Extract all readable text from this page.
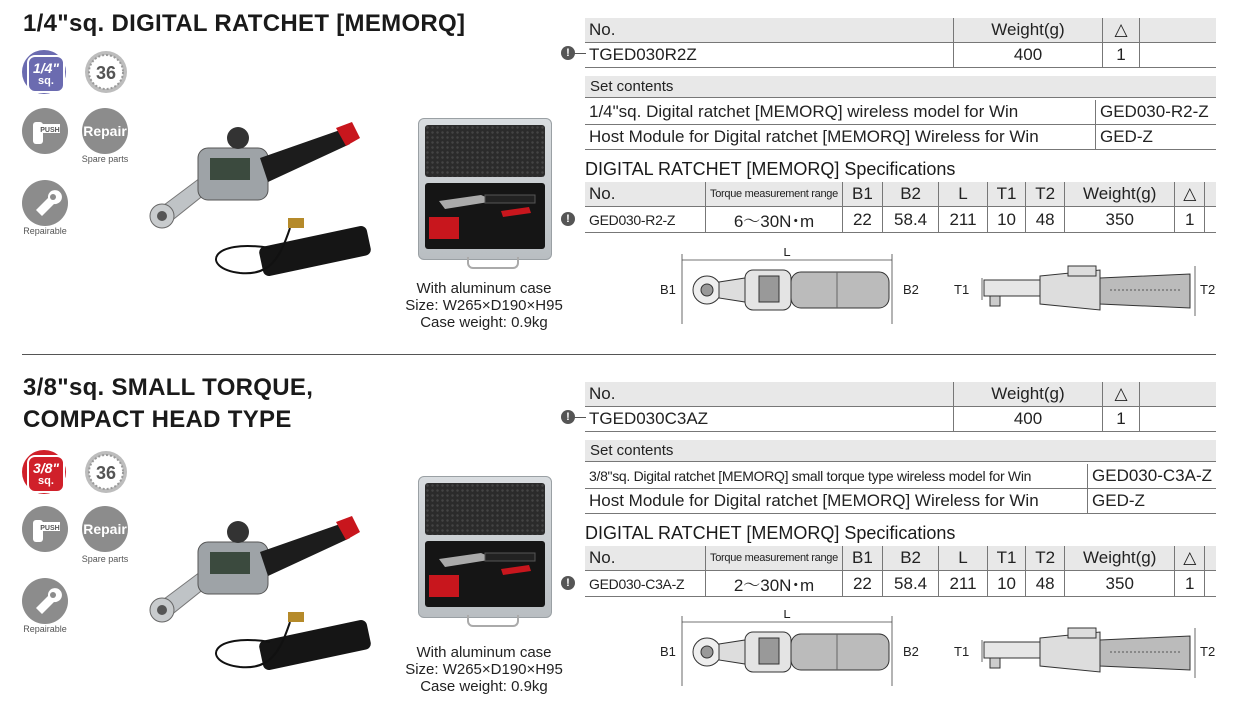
1/4"sq. DIGITAL RATCHET [MEMORQ]
1/4"
sq.	36
PUSH Repair
Spare parts
Repairable
With aluminum case
Size: W265×D190×H95
Case weight: 0.9kg
!
No.	Weight(g)	△	
TGED030R2Z	400	1	
Set contents
1/4"sq. Digital ratchet [MEMORQ] wireless model for Win	GED030-R2-Z
Host Module for Digital ratchet [MEMORQ] Wireless for Win	GED-Z
DIGITAL RATCHET [MEMORQ] Specifications
!
No.	Torque measurement range	B1	B2	L	T1	T2	Weight(g)	△	
GED030-R2-Z	6～30N･m	22	58.4	211	10	48	350	1	
L
B1	B2	T1	T2
3/8"sq. SMALL TORQUE,
COMPACT HEAD TYPE
3/8"
sq.	36
PUSH Repair
Spare parts
Repairable
With aluminum case
Size: W265×D190×H95
Case weight: 0.9kg
!
No.	Weight(g)	△	
TGED030C3AZ	400	1	
Set contents
3/8"sq. Digital ratchet [MEMORQ] small torque type wireless model for Win	GED030-C3A-Z
Host Module for Digital ratchet [MEMORQ] Wireless for Win	GED-Z
DIGITAL RATCHET [MEMORQ] Specifications
!
No.	Torque measurement range	B1	B2	L	T1	T2	Weight(g)	△	
GED030-C3A-Z	2～30N･m	22	58.4	211	10	48	350	1	
L
B1	B2	T1	T2
